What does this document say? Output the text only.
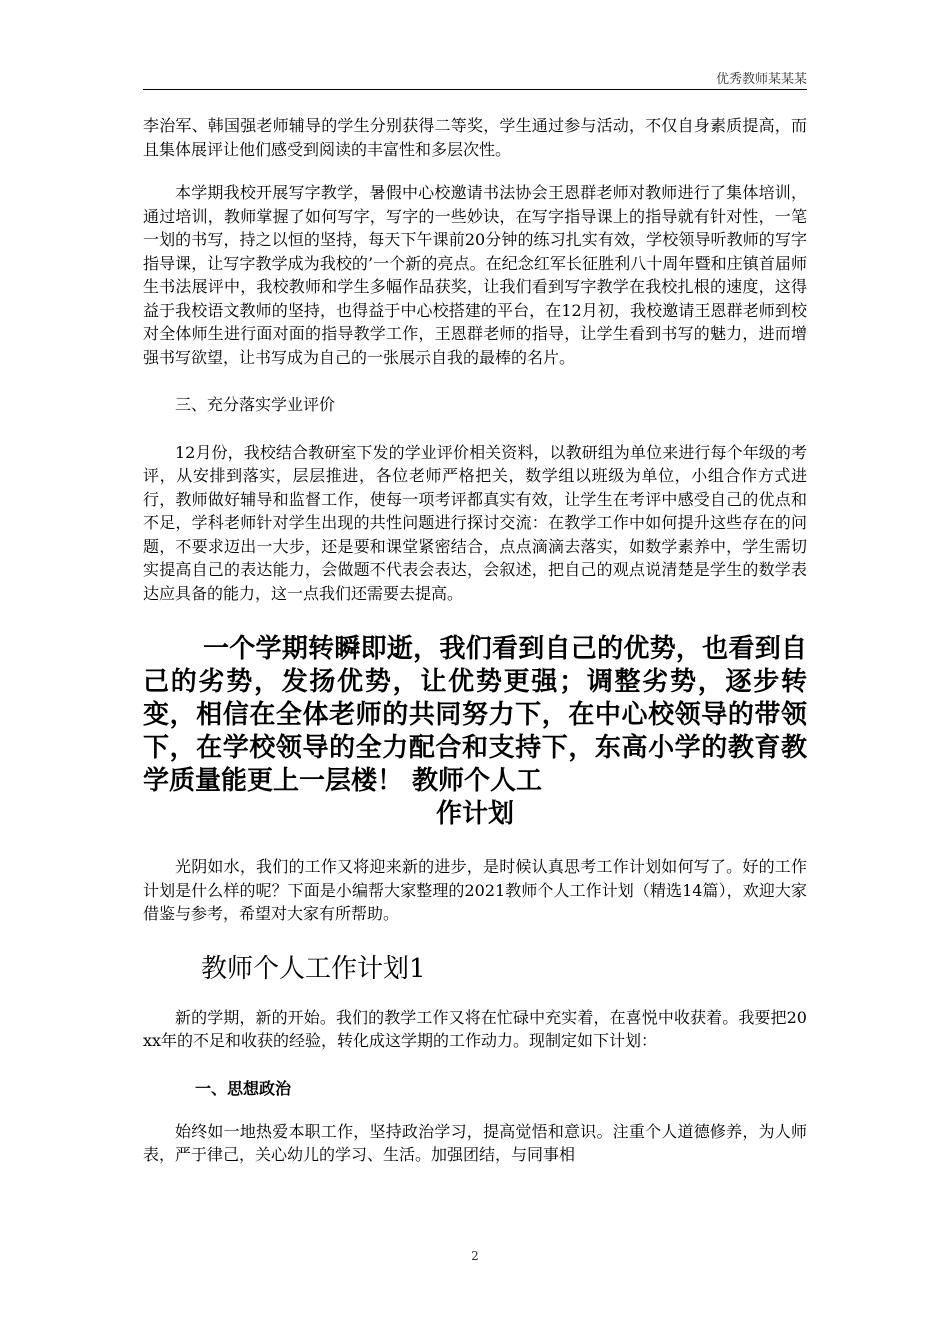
优秀教师某某某

李治军、韩国强老师辅导的学生分别获得二等奖，学生通过参与活动，不仅自身素质提高，而且集体展评让他们感受到阅读的丰富性和多层次性。

本学期我校开展写字教学，暑假中心校邀请书法协会王恩群老师对教师进行了集体培训，通过培训，教师掌握了如何写字，写字的一些妙诀，在写字指导课上的指导就有针对性，一笔一划的书写，持之以恒的坚持，每天下午课前20分钟的练习扎实有效，学校领导听教师的写字指导课，让写字教学成为我校的’一个新的亮点。在纪念红军长征胜利八十周年暨和庄镇首届师生书法展评中，我校教师和学生多幅作品获奖，让我们看到写字教学在我校扎根的速度，这得益于我校语文教师的坚持，也得益于中心校搭建的平台，在12月初，我校邀请王恩群老师到校对全体师生进行面对面的指导教学工作，王恩群老师的指导，让学生看到书写的魅力，进而增强书写欲望，让书写成为自己的一张展示自我的最棒的名片。

三、充分落实学业评价

12月份，我校结合教研室下发的学业评价相关资料，以教研组为单位来进行每个年级的考评，从安排到落实，层层推进，各位老师严格把关，数学组以班级为单位，小组合作方式进行，教师做好辅导和监督工作，使每一项考评都真实有效，让学生在考评中感受自己的优点和不足，学科老师针对学生出现的共性问题进行探讨交流：在教学工作中如何提升这些存在的问题，不要求迈出一大步，还是要和课堂紧密结合，点点滴滴去落实，如数学素养中，学生需切实提高自己的表达能力，会做题不代表会表达，会叙述，把自己的观点说清楚是学生的数学表达应具备的能力，这一点我们还需要去提高。

一个学期转瞬即逝，我们看到自己的优势，也看到自己的劣势，发扬优势，让优势更强；调整劣势，逐步转变，相信在全体老师的共同努力下，在中心校领导的带领下，在学校领导的全力配合和支持下，东高小学的教育教学质量能更上一层楼！ 教师个人工
作计划

光阴如水，我们的工作又将迎来新的进步，是时候认真思考工作计划如何写了。好的工作计划是什么样的呢？下面是小编帮大家整理的2021教师个人工作计划（精选14篇），欢迎大家借鉴与参考，希望对大家有所帮助。

教师个人工作计划1

新的学期，新的开始。我们的教学工作又将在忙碌中充实着，在喜悦中收获着。我要把20xx年的不足和收获的经验，转化成这学期的工作动力。现制定如下计划：

一、思想政治

始终如一地热爱本职工作，坚持政治学习，提高觉悟和意识。注重个人道德修养，为人师表，严于律己，关心幼儿的学习、生活。加强团结，与同事相

2
